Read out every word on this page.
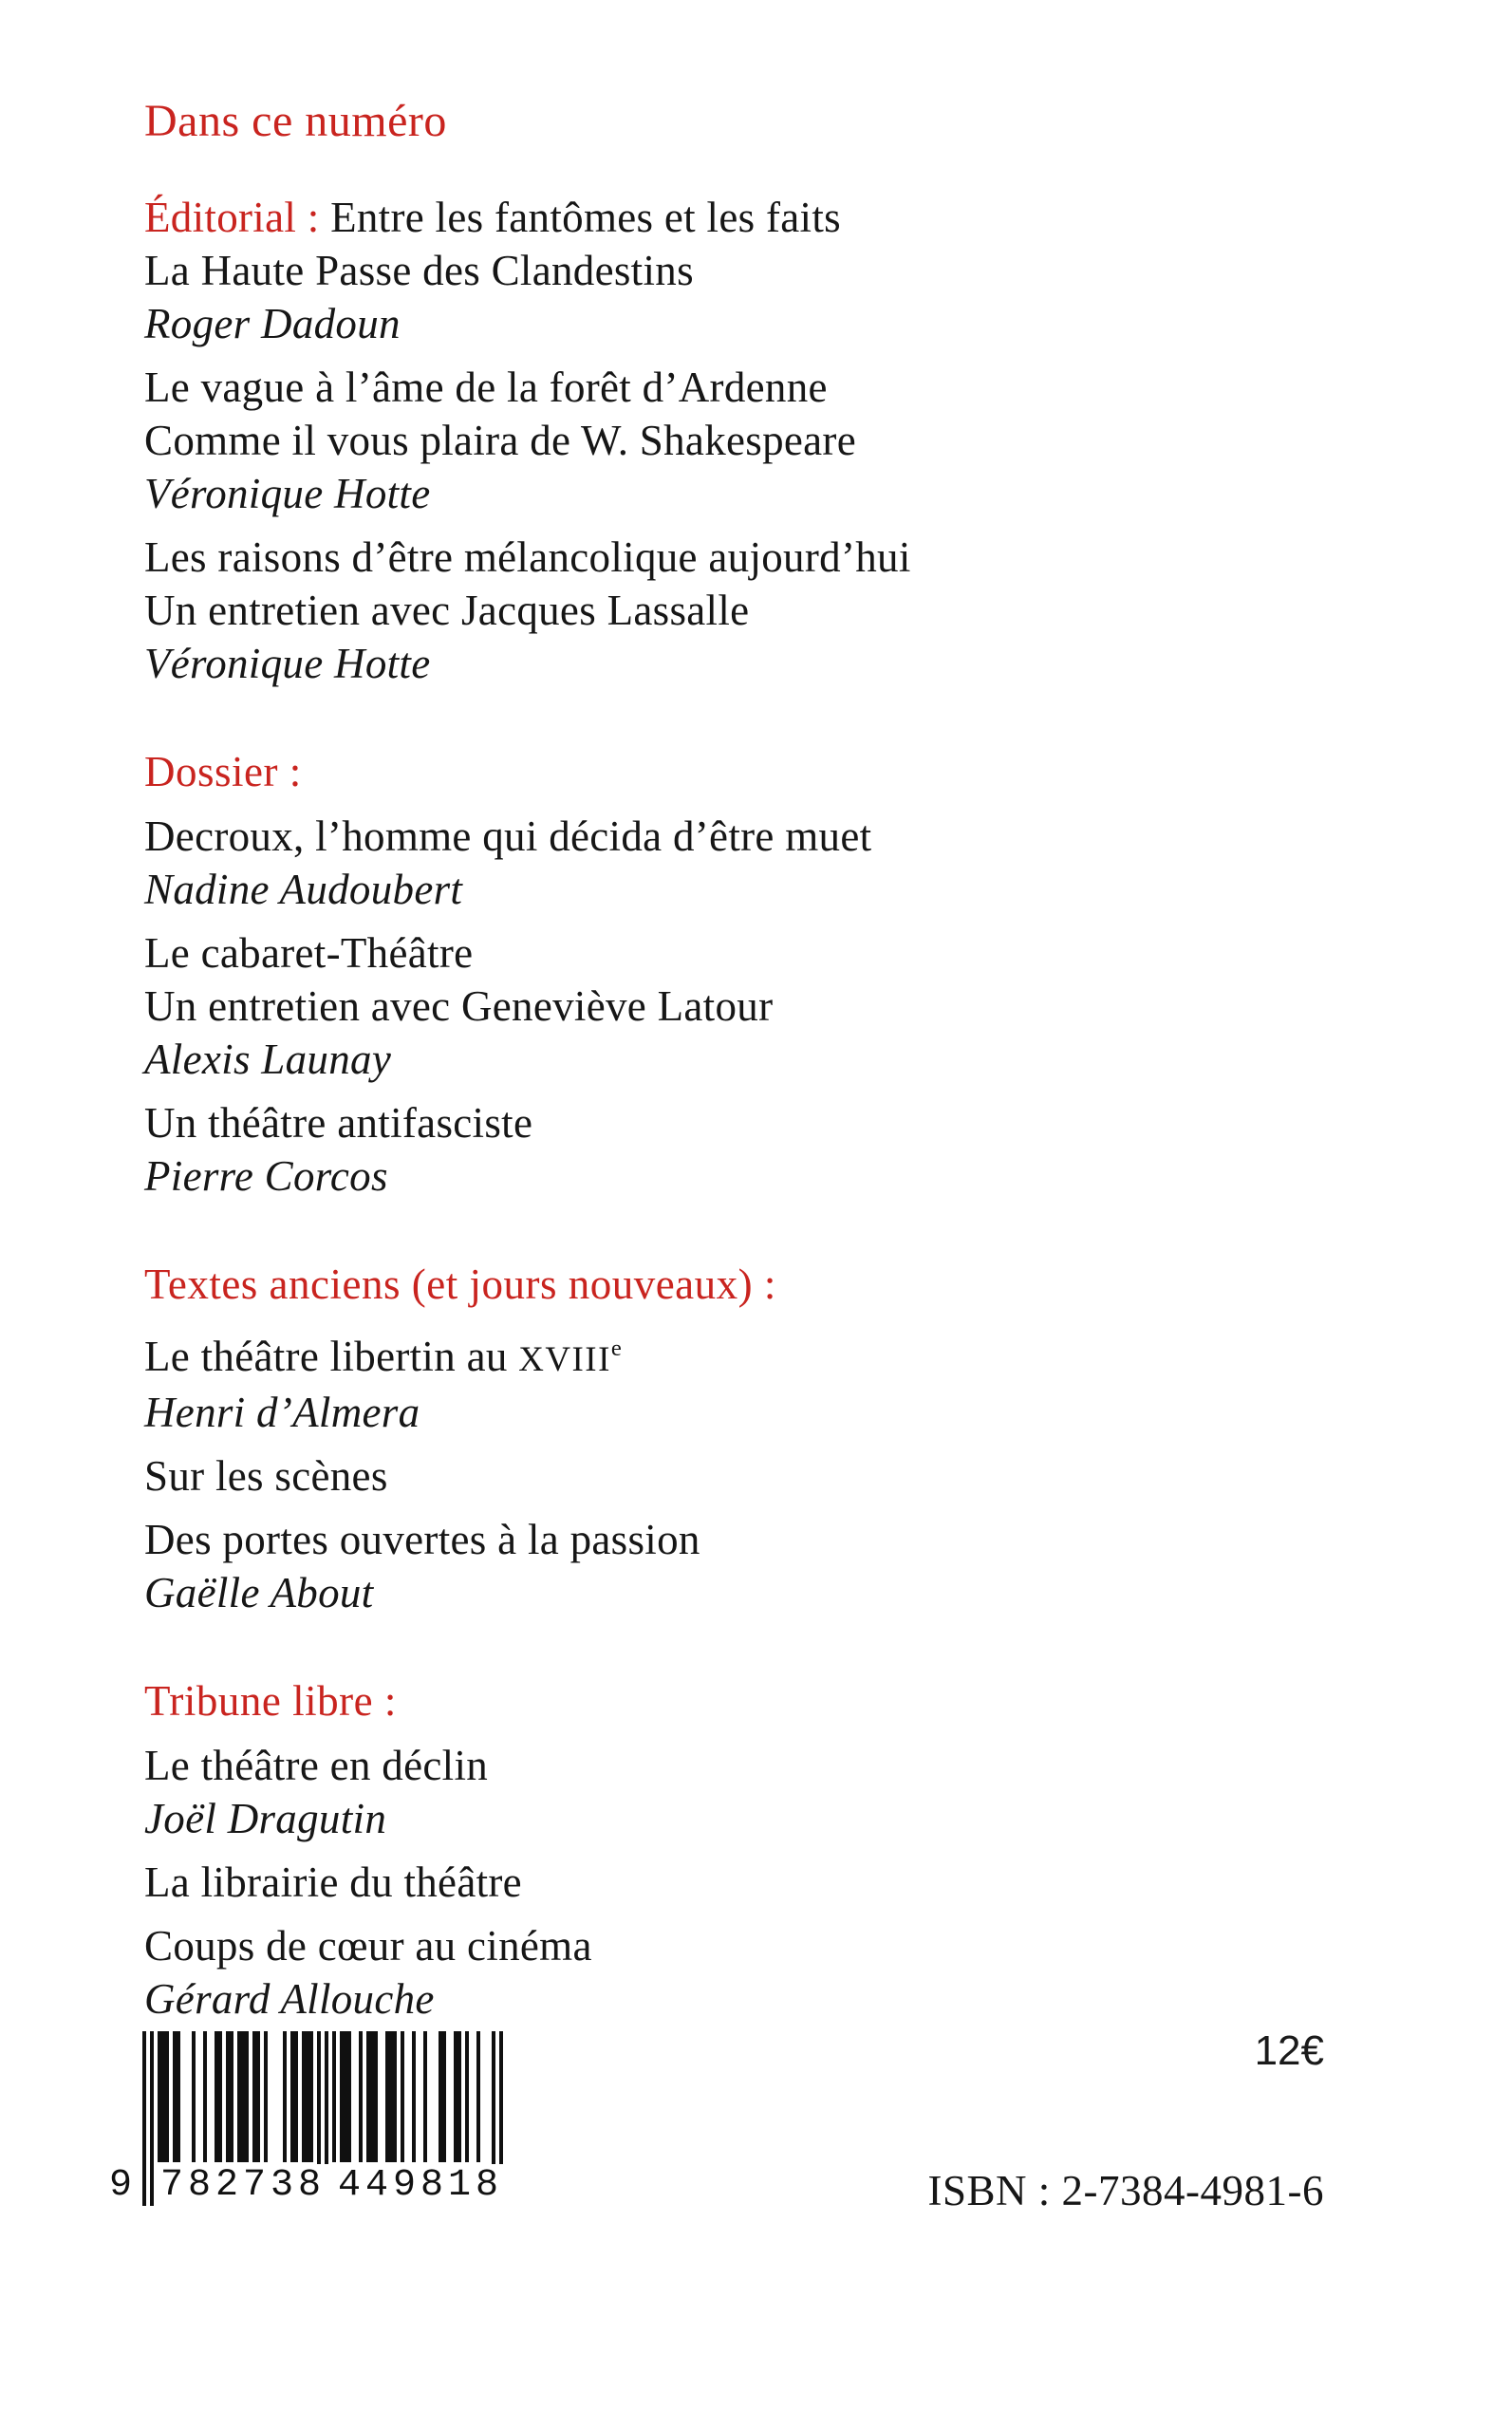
Dans ce numéro
Éditorial : Entre les fantômes et les faits
La Haute Passe des Clandestins
Roger Dadoun
Le vague à l’âme de la forêt d’Ardenne
Comme il vous plaira de W. Shakespeare
Véronique Hotte
Les raisons d’être mélancolique aujourd’hui
Un entretien avec Jacques Lassalle
Véronique Hotte
Dossier :
Decroux, l’homme qui décida d’être muet
Nadine Audoubert
Le cabaret-Théâtre
Un entretien avec Geneviève Latour
Alexis Launay
Un théâtre antifasciste
Pierre Corcos
Textes anciens (et jours nouveaux) :
Le théâtre libertin au XVIIIe
Henri d’Almera
Sur les scènes
Des portes ouvertes à la passion
Gaëlle About
Tribune libre :
Le théâtre en déclin
Joël Dragutin
La librairie du théâtre
Coups de cœur au cinéma
Gérard Allouche
9 782738 449818
12€
ISBN : 2-7384-4981-6
